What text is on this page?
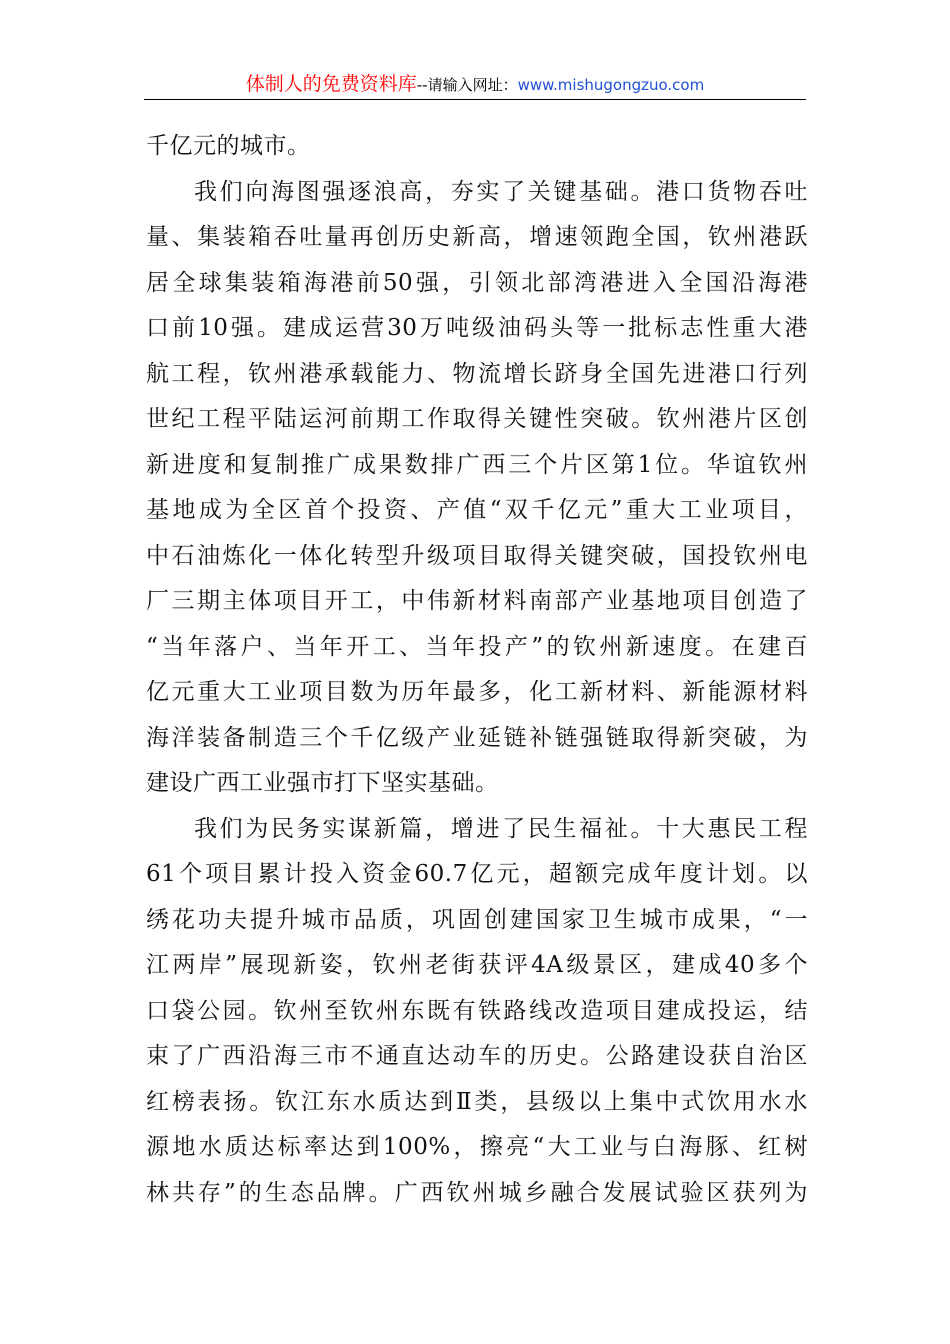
体制人的免费资料库--请输入网址：www.mishugongzuo.com
千亿元的城市。
我们向海图强逐浪高，夯实了关键基础。港口货物吞吐
量、集装箱吞吐量再创历史新高，增速领跑全国，钦州港跃
居全球集装箱海港前50强，引领北部湾港进入全国沿海港
口前10强。建成运营30万吨级油码头等一批标志性重大港
航工程，钦州港承载能力、物流增长跻身全国先进港口行列
世纪工程平陆运河前期工作取得关键性突破。钦州港片区创
新进度和复制推广成果数排广西三个片区第1位。华谊钦州
基地成为全区首个投资、产值“双千亿元”重大工业项目，
中石油炼化一体化转型升级项目取得关键突破，国投钦州电
厂三期主体项目开工，中伟新材料南部产业基地项目创造了
“当年落户、当年开工、当年投产”的钦州新速度。在建百
亿元重大工业项目数为历年最多，化工新材料、新能源材料
海洋装备制造三个千亿级产业延链补链强链取得新突破，为
建设广西工业强市打下坚实基础。
我们为民务实谋新篇，增进了民生福祉。十大惠民工程
61个项目累计投入资金60.7亿元，超额完成年度计划。以
绣花功夫提升城市品质，巩固创建国家卫生城市成果，“一
江两岸”展现新姿，钦州老街获评4A级景区，建成40多个
口袋公园。钦州至钦州东既有铁路线改造项目建成投运，结
束了广西沿海三市不通直达动车的历史。公路建设获自治区
红榜表扬。钦江东水质达到Ⅱ类，县级以上集中式饮用水水
源地水质达标率达到100%，擦亮“大工业与白海豚、红树
林共存”的生态品牌。广西钦州城乡融合发展试验区获列为
